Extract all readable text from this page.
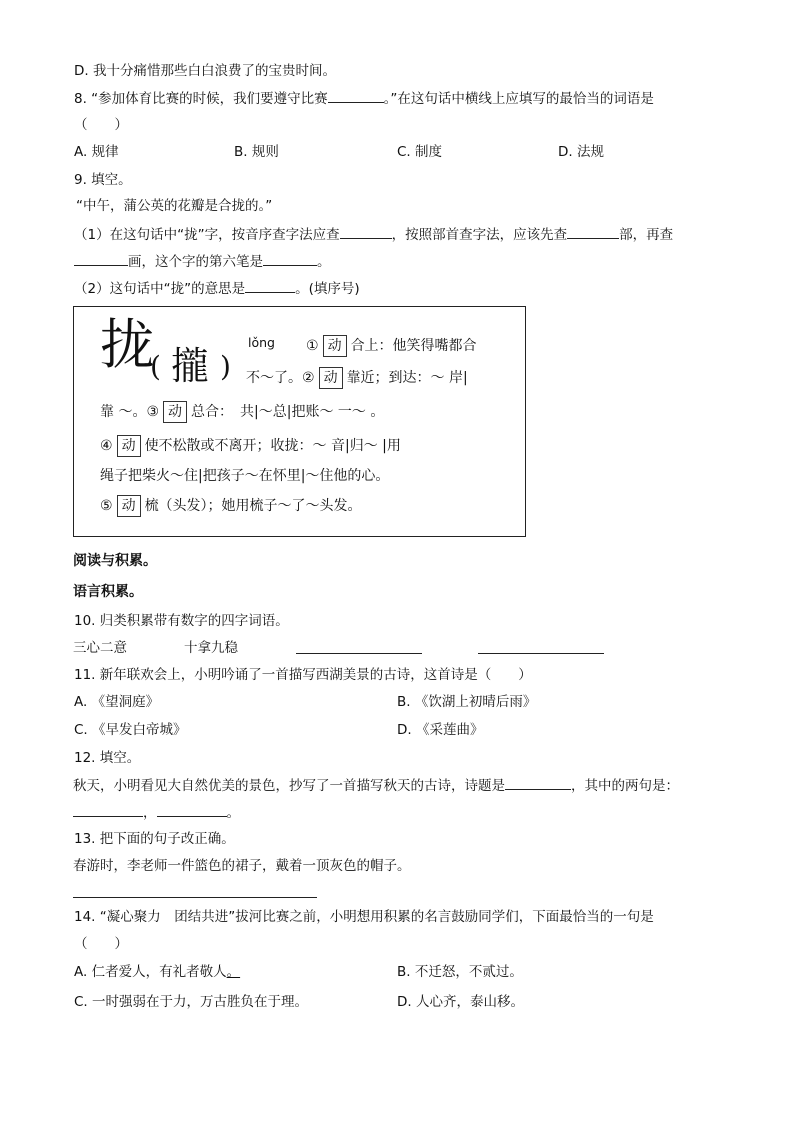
D. 我十分痛惜那些白白浪费了的宝贵时间。
8. “参加体育比赛的时候，我们要遵守比赛	。”在这句话中横线上应填写的最恰当的词语是
（　　）
A. 规律	B. 规则	C. 制度	D. 法规
9. 填空。
“中午，蒲公英的花瓣是合拢的。”
（1）在这句话中“拢”字，按音序查字法应查	，按照部首查字法，应该先查	部，再查
画，这个字的第六笔是	。
（2）这句话中“拢”的意思是	。(填序号)
拢
( 攏 )
lǒng ① 动 合上：他笑得嘴都合
不～了。② 动 靠近；到达：～ 岸|
靠 ～。③ 动 总合：　共|～总|把账～ 一～ 。
④ 动 使不松散或不离开；收拢：～ 音|归～ |用
绳子把柴火～住|把孩子～在怀里|～住他的心。
⑤ 动 梳（头发）；她用梳子～了～头发。
阅读与积累。
语言积累。
10. 归类积累带有数字的四字词语。
三心二意	十拿九稳
11. 新年联欢会上，小明吟诵了一首描写西湖美景的古诗，这首诗是（　　）
A. 《望洞庭》	B. 《饮湖上初晴后雨》
C. 《早发白帝城》	D. 《采莲曲》
12. 填空。
秋天，小明看见大自然优美的景色，抄写了一首描写秋天的古诗，诗题是	，其中的两句是：
，	。
13. 把下面的句子改正确。
春游时，李老师一件篮色的裙子，戴着一顶灰色的帽子。
14. “凝心聚力　团结共进”拔河比赛之前，小明想用积累的名言鼓励同学们，下面最恰当的一句是
（　　）
A. 仁者爱人，有礼者敬人。	B. 不迁怒，不贰过。
C. 一时强弱在于力，万古胜负在于理。	D. 人心齐，泰山移。
